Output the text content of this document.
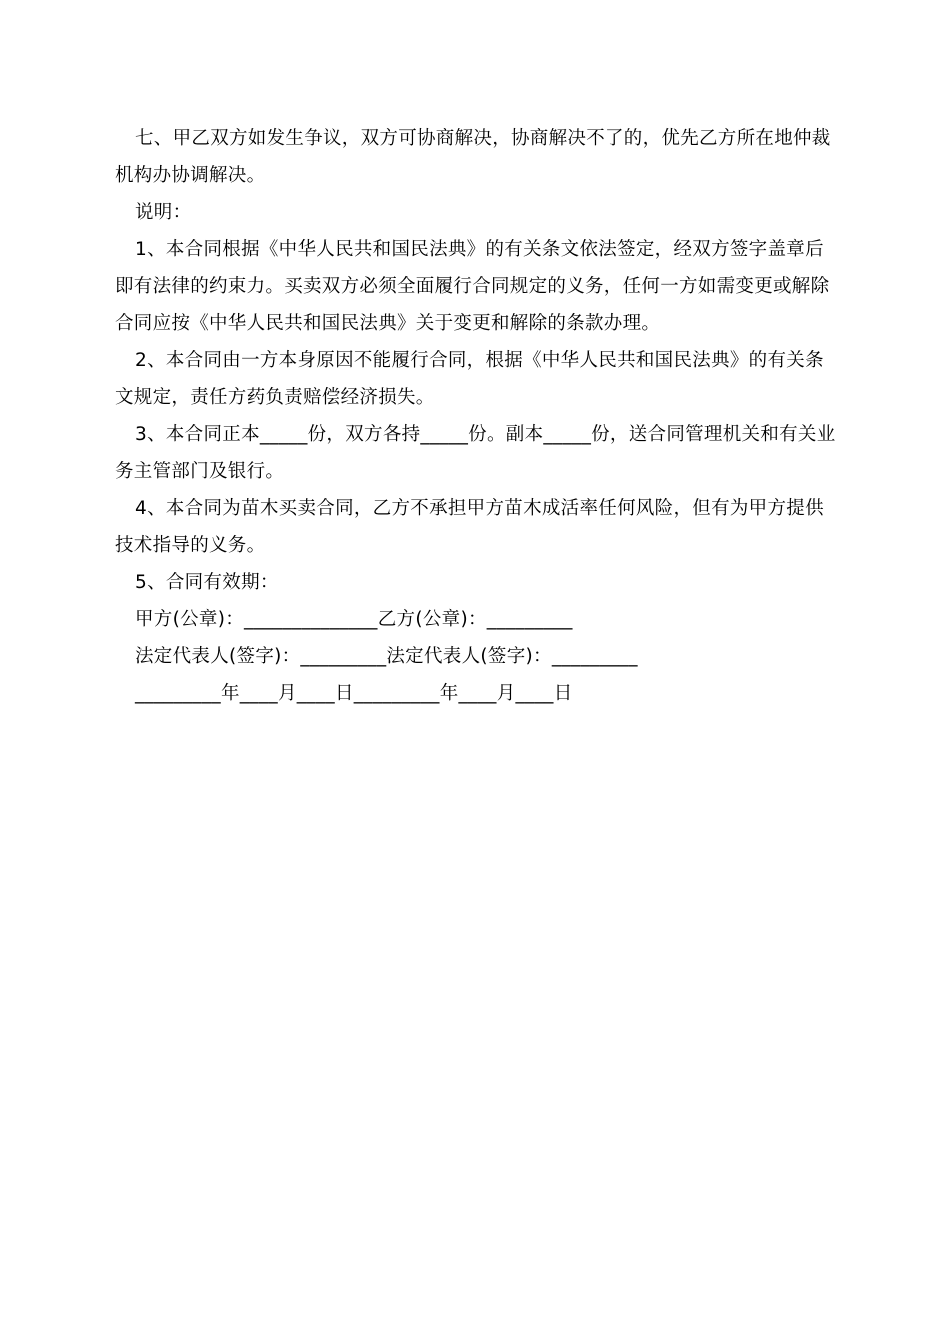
七、甲乙双方如发生争议，双方可协商解决，协商解决不了的，优先乙方所在地仲裁机构办协调解决。

说明：

1、本合同根据《中华人民共和国民法典》的有关条文依法签定，经双方签字盖章后即有法律的约束力。买卖双方必须全面履行合同规定的义务，任何一方如需变更或解除合同应按《中华人民共和国民法典》关于变更和解除的条款办理。

2、本合同由一方本身原因不能履行合同，根据《中华人民共和国民法典》的有关条文规定，责任方药负责赔偿经济损失。

3、本合同正本_____份，双方各持_____份。副本_____份，送合同管理机关和有关业务主管部门及银行。

4、本合同为苗木买卖合同，乙方不承担甲方苗木成活率任何风险，但有为甲方提供技术指导的义务。

5、合同有效期：

甲方(公章)：______________乙方(公章)：_________

法定代表人(签字)：_________法定代表人(签字)：_________

_________年____月____日_________年____月____日
